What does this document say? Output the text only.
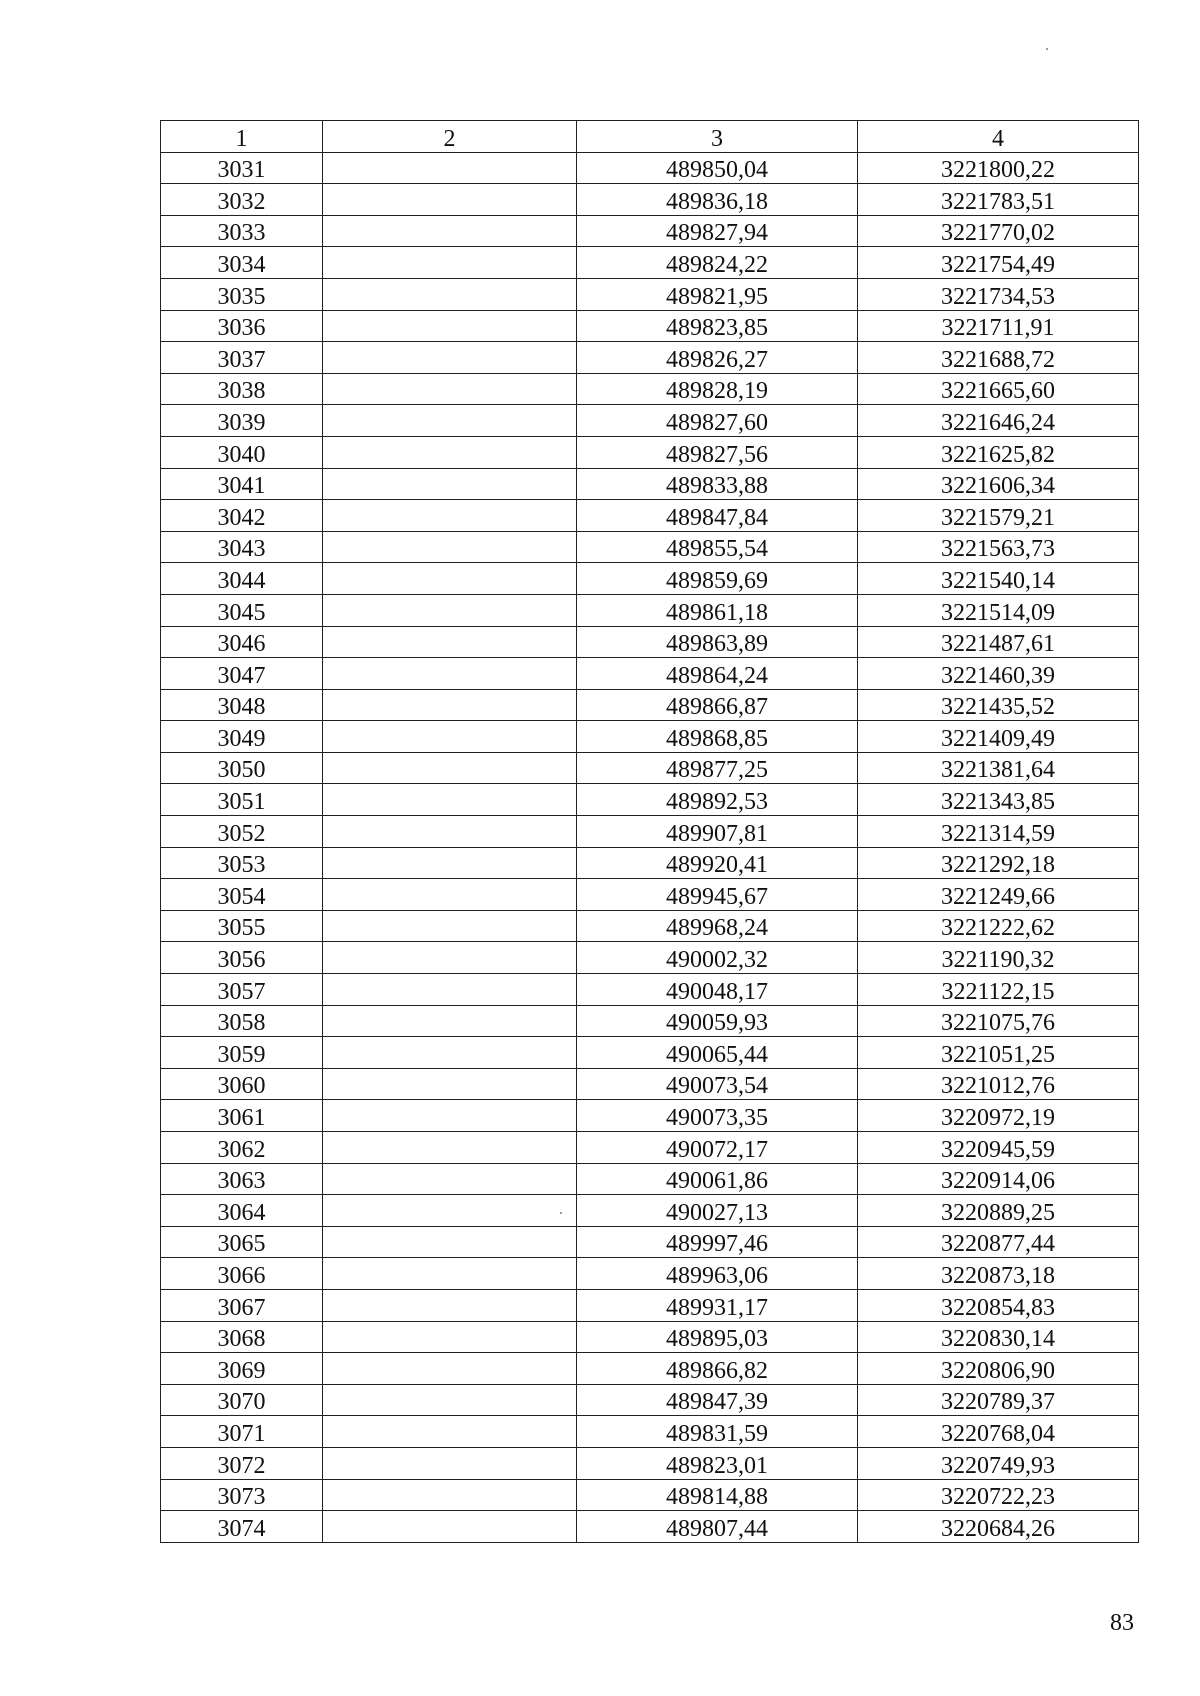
1	2	3	4
3031		489850,04	3221800,22
3032		489836,18	3221783,51
3033		489827,94	3221770,02
3034		489824,22	3221754,49
3035		489821,95	3221734,53
3036		489823,85	3221711,91
3037		489826,27	3221688,72
3038		489828,19	3221665,60
3039		489827,60	3221646,24
3040		489827,56	3221625,82
3041		489833,88	3221606,34
3042		489847,84	3221579,21
3043		489855,54	3221563,73
3044		489859,69	3221540,14
3045		489861,18	3221514,09
3046		489863,89	3221487,61
3047		489864,24	3221460,39
3048		489866,87	3221435,52
3049		489868,85	3221409,49
3050		489877,25	3221381,64
3051		489892,53	3221343,85
3052		489907,81	3221314,59
3053		489920,41	3221292,18
3054		489945,67	3221249,66
3055		489968,24	3221222,62
3056		490002,32	3221190,32
3057		490048,17	3221122,15
3058		490059,93	3221075,76
3059		490065,44	3221051,25
3060		490073,54	3221012,76
3061		490073,35	3220972,19
3062		490072,17	3220945,59
3063		490061,86	3220914,06
3064		490027,13	3220889,25
3065		489997,46	3220877,44
3066		489963,06	3220873,18
3067		489931,17	3220854,83
3068		489895,03	3220830,14
3069		489866,82	3220806,90
3070		489847,39	3220789,37
3071		489831,59	3220768,04
3072		489823,01	3220749,93
3073		489814,88	3220722,23
3074		489807,44	3220684,26
83
